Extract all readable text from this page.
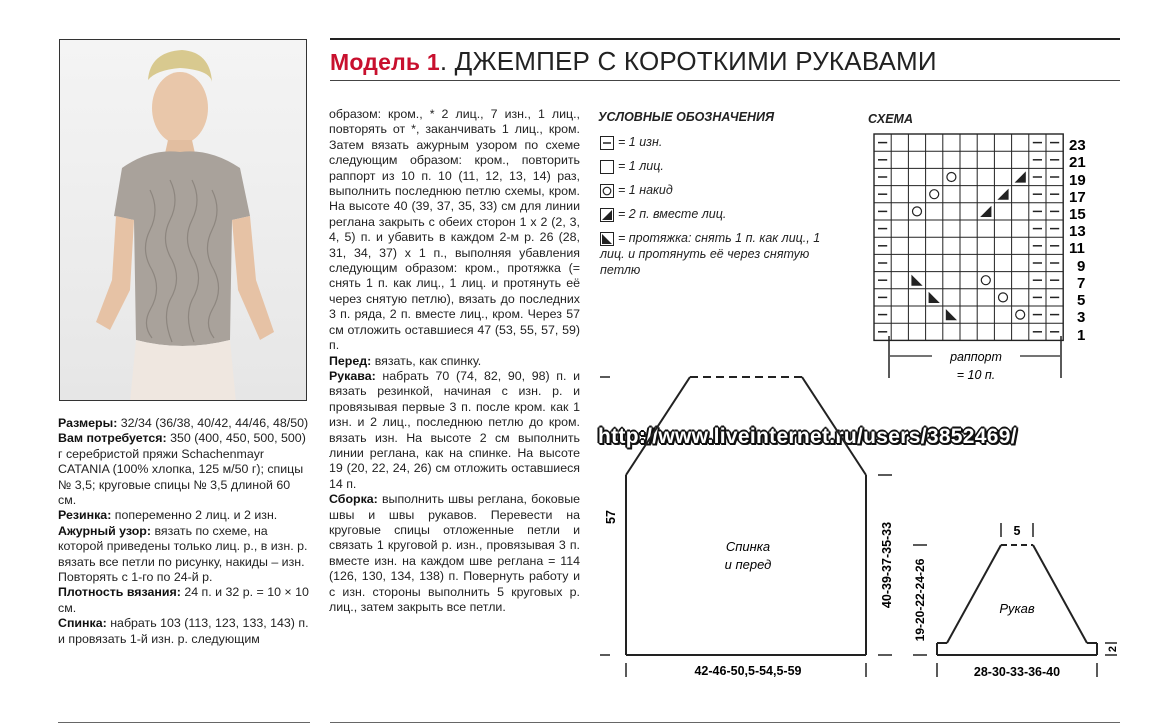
Размеры: 32/34 (36/38, 40/42, 44/46, 48/50)

Вам потребуется: 350 (400, 450, 500, 500) г серебристой пряжи Schachenmayr CATANIA (100% хлопка, 125 м/50 г); спицы № 3,5; круговые спицы № 3,5 длиной 60 см.

Резинка: попеременно 2 лиц. и 2 изн.

Ажурный узор: вязать по схеме, на которой приведены только лиц. р., в изн. р. вязать все петли по рисунку, накиды – изн. Повторять с 1-го по 24-й р.

Плотность вязания: 24 п. и 32 р. = 10 × 10 см.

Спинка: набрать 103 (113, 123, 133, 143) п. и провязать 1-й изн. р. следующим

Модель 1. ДЖЕМПЕР С КОРОТКИМИ РУКАВАМИ

образом: кром., * 2 лиц., 7 изн., 1 лиц., повторять от *, заканчивать 1 лиц., кром. Затем вязать ажурным узором по схеме следующим образом: кром., повторить раппорт из 10 п. 10 (11, 12, 13, 14) раз, выполнить последнюю петлю схемы, кром. На высоте 40 (39, 37, 35, 33) см для линии реглана закрыть с обеих сторон 1 х 2 (2, 3, 4, 5) п. и убавить в каждом 2-м р. 26 (28, 31, 34, 37) х 1 п., выполняя убавления следующим образом: кром., протяжка (= снять 1 п. как лиц., 1 лиц. и протянуть её через снятую петлю), вязать до последних 3 п. ряда, 2 п. вместе лиц., кром. Через 57 см отложить оставшиеся 47 (53, 55, 57, 59) п.

Перед: вязать, как спинку.

Рукава: набрать 70 (74, 82, 90, 98) п. и вязать резинкой, начиная с изн. р. и провязывая первые 3 п. после кром. как 1 изн. и 2 лиц., последнюю петлю до кром. вязать изн. На высоте 2 см выполнить линии реглана, как на спинке. На высоте 19 (20, 22, 24, 26) см отложить оставшиеся 14 п.

Сборка: выполнить швы реглана, боковые швы и швы рукавов. Перевести на круговые спицы отложенные петли и связать 1 круговой р. изн., провязывая 3 п. вместе изн. на каждом шве реглана = 114 (126, 130, 134, 138) п. Повернуть работу и с изн. стороны выполнить 5 круговых р. лиц., затем закрыть все петли.

УСЛОВНЫЕ ОБОЗНАЧЕНИЯ
= 1 изн.
= 1 лиц.
= 1 накид
= 2 п. вместе лиц.
= протяжка: снять 1 п. как лиц., 1 лиц. и протянуть её через снятую петлю
СХЕМА
23
21
19
17
15
13
11
9
7
5
3
1
раппорт
= 10 п.
http://www.liveinternet.ru/users/3852469/
57
40-39-37-35-33
Спинка
и перед
42-46-50,5-54,5-59
5
Рукав
19-20-22-24-26
2
28-30-33-36-40
